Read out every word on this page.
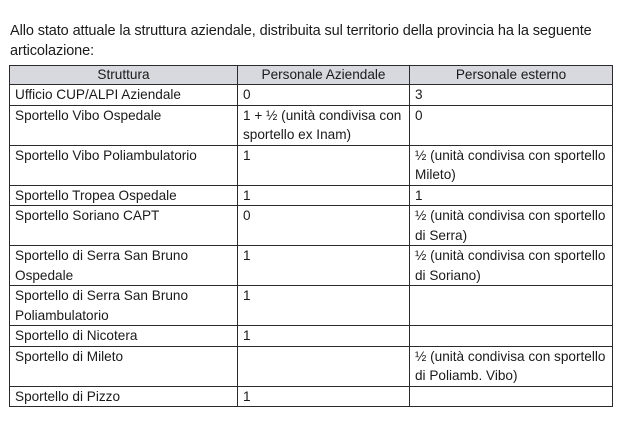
Allo stato attuale la struttura aziendale, distribuita sul territorio della provincia ha la seguente articolazione:

Struttura	Personale Aziendale	Personale esterno
Ufficio CUP/ALPI Aziendale	0	3
Sportello Vibo Ospedale	1 + ½ (unità condivisa con sportello ex Inam)	0
Sportello Vibo Poliambulatorio	1	½ (unità condivisa con sportello Mileto)
Sportello Tropea Ospedale	1	1
Sportello Soriano CAPT	0	½ (unità condivisa con sportello di Serra)
Sportello di Serra San Bruno Ospedale	1	½ (unità condivisa con sportello di Soriano)
Sportello di Serra San Bruno Poliambulatorio	1	
Sportello di Nicotera	1	
Sportello di Mileto		½ (unità condivisa con sportello di Poliamb. Vibo)
Sportello di Pizzo	1	
